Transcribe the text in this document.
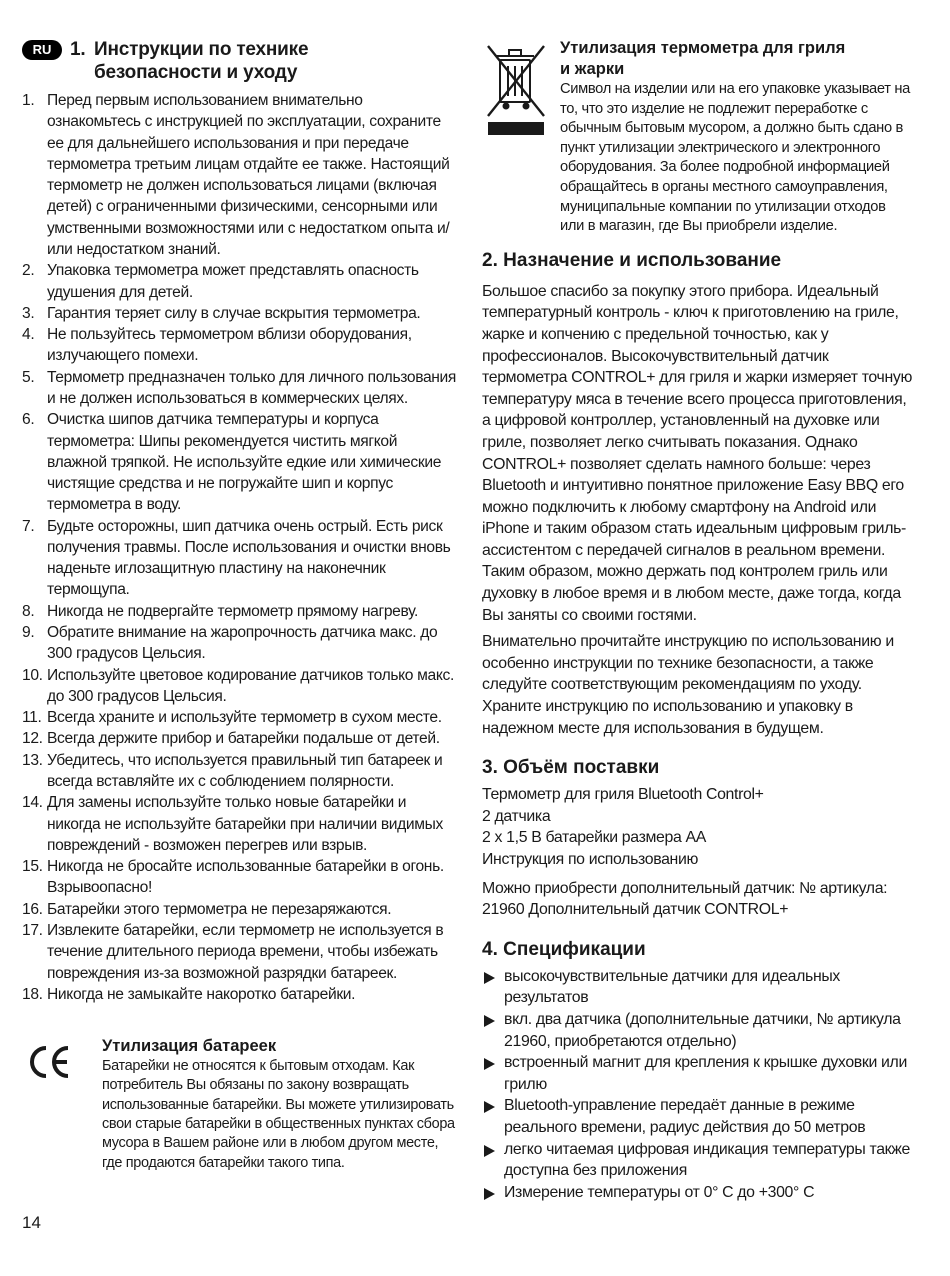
RU 1. Инструкции по технике
безопасности и уходу
1. Перед первым использованием внимательно ознакомьтесь с инструкцией по эксплуатации, сохраните ее для дальнейшего использования и при передаче термометра третьим лицам отдайте ее также. Настоящий термометр не должен использоваться лицами (включая детей) с ограниченными физическими, сенсорными или умственными возможностями или с недостатком опыта и/или недостатком знаний.
2. Упаковка термометра может представлять опасность удушения для детей.
3. Гарантия теряет силу в случае вскрытия термометра.
4. Не пользуйтесь термометром вблизи оборудования, излучающего помехи.
5. Термометр предназначен только для личного пользования и не должен использоваться в коммерческих целях.
6. Очистка шипов датчика температуры и корпуса термометра: Шипы рекомендуется чистить мягкой влажной тряпкой. Не используйте едкие или химические чистящие средства и не погружайте шип и корпус термометра в воду.
7. Будьте осторожны, шип датчика очень острый. Есть риск получения травмы. После использования и очистки вновь наденьте иглозащитную пластину на наконечник термощупа.
8. Никогда не подвергайте термометр прямому нагреву.
9. Обратите внимание на жаропрочность датчика макс. до 300 градусов Цельсия.
10. Используйте цветовое кодирование датчиков только макс. до 300 градусов Цельсия.
11. Всегда храните и используйте термометр в сухом месте.
12. Всегда держите прибор и батарейки подальше от детей.
13. Убедитесь, что используется правильный тип батареек и всегда вставляйте их с соблюдением полярности.
14. Для замены используйте только новые батарейки и никогда не используйте батарейки при наличии видимых повреждений - возможен перегрев или взрыв.
15. Никогда не бросайте использованные батарейки в огонь. Взрывоопасно!
16. Батарейки этого термометра не перезаряжаются.
17. Извлеките батарейки, если термометр не используется в течение длительного периода времени, чтобы избежать повреждения из-за возможной разрядки батареек.
18. Никогда не замыкайте накоротко батарейки.
Утилизация батареек

Батарейки не относятся к бытовым отходам. Как потребитель Вы обязаны по закону возвращать использованные батарейки. Вы можете утилизировать свои старые батарейки в общественных пунктах сбора мусора в Вашем районе или в любом другом месте, где продаются батарейки такого типа.

Утилизация термометра для гриля
и жарки

Символ на изделии или на его упаковке указывает на то, что это изделие не подлежит переработке с обычным бытовым мусором, а должно быть сдано в пункт утилизации электрического и электронного оборудования. За более подробной информацией обращайтесь в органы местного самоуправления, муниципальные компании по утилизации отходов или в магазин, где Вы приобрели изделие.

2. Назначение и использование

Большое спасибо за покупку этого прибора. Идеальный температурный контроль - ключ к приготовлению на гриле, жарке и копчению с предельной точностью, как у профессионалов. Высокочувствительный датчик термометра CONTROL+ для гриля и жарки измеряет точную температуру мяса в течение всего процесса приготовления, а цифровой контроллер, установленный на духовке или гриле, позволяет легко считывать показания. Однако CONTROL+ позволяет сделать намного больше: через Bluetooth и интуитивно понятное приложение Easy BBQ его можно подключить к любому смартфону на Android или iPhone и таким образом стать идеальным цифровым гриль-ассистентом с передачей сигналов в реальном времени. Таким образом, можно держать под контролем гриль или духовку в любое время и в любом месте, даже тогда, когда Вы заняты со своими гостями.

Внимательно прочитайте инструкцию по использованию и особенно инструкции по технике безопасности, а также следуйте соответствующим рекомендациям по уходу. Храните инструкцию по использованию и упаковку в надежном месте для использования в будущем.

3. Объём поставки
Термометр для гриля Bluetooth Control+
2 датчика
2 x 1,5 В батарейки размера AA
Инструкция по использованию

Можно приобрести дополнительный датчик: № артикула: 21960 Дополнительный датчик CONTROL+

4. Спецификации
высокочувствительные датчики для идеальных результатов
вкл. два датчика (дополнительные датчики, № артикула 21960, приобретаются отдельно)
встроенный магнит для крепления к крышке духовки или грилю
Bluetooth-управление передаёт данные в режиме реального времени, радиус действия до 50 метров
легко читаемая цифровая индикация температуры также доступна без приложения
Измерение температуры от 0° C до +300° C
14
